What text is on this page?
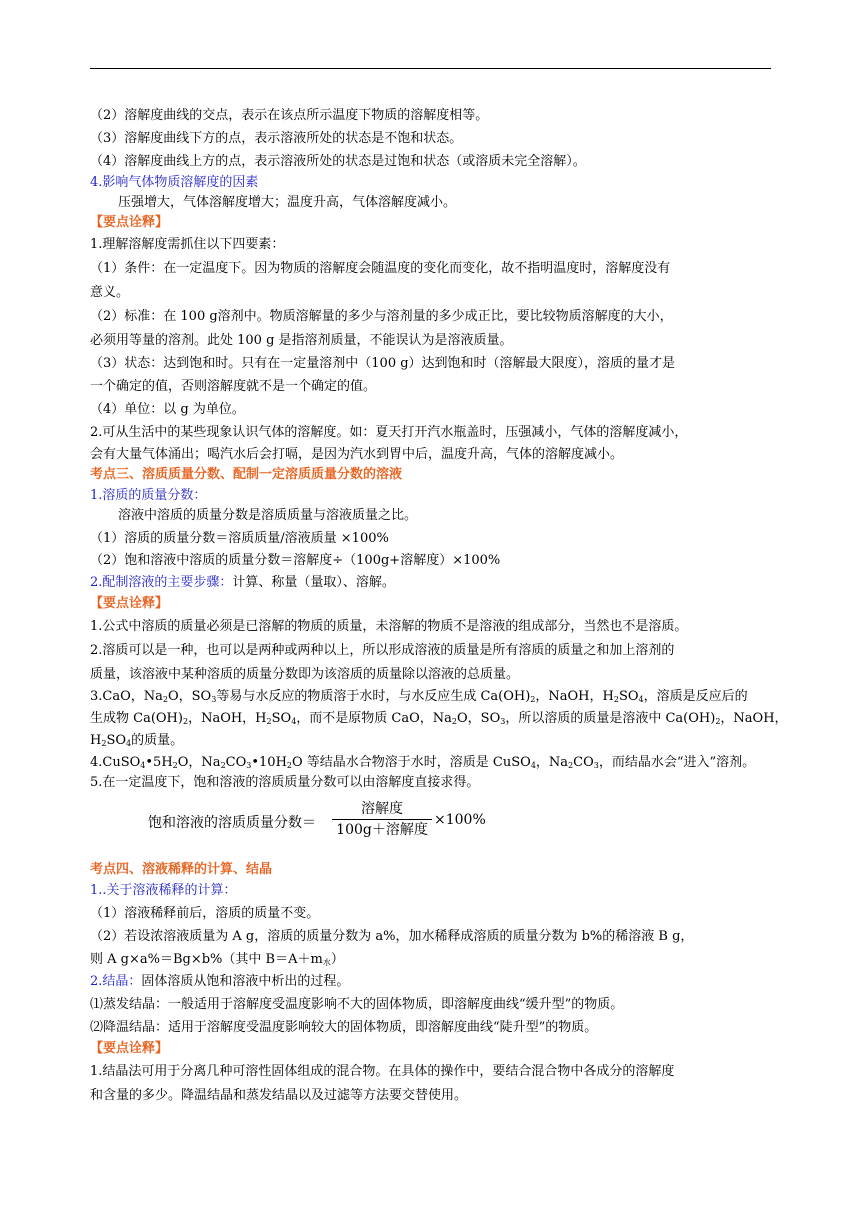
（2）溶解度曲线的交点，表示在该点所示温度下物质的溶解度相等。
（3）溶解度曲线下方的点，表示溶液所处的状态是不饱和状态。
（4）溶解度曲线上方的点，表示溶液所处的状态是过饱和状态（或溶质未完全溶解）。
4.影响气体物质溶解度的因素
压强增大，气体溶解度增大；温度升高，气体溶解度减小。
【要点诠释】
1.理解溶解度需抓住以下四要素：
（1）条件：在一定温度下。因为物质的溶解度会随温度的变化而变化，故不指明温度时，溶解度没有
意义。
（2）标准：在 100 g溶剂中。物质溶解量的多少与溶剂量的多少成正比，要比较物质溶解度的大小，
必须用等量的溶剂。此处 100 g 是指溶剂质量，不能误认为是溶液质量。
（3）状态：达到饱和时。只有在一定量溶剂中（100 g）达到饱和时（溶解最大限度），溶质的量才是
一个确定的值，否则溶解度就不是一个确定的值。
（4）单位：以 g 为单位。
2.可从生活中的某些现象认识气体的溶解度。如：夏天打开汽水瓶盖时，压强减小，气体的溶解度减小，
会有大量气体涌出；喝汽水后会打嗝，是因为汽水到胃中后，温度升高，气体的溶解度减小。
考点三、溶质质量分数、配制一定溶质质量分数的溶液
1.溶质的质量分数：
溶液中溶质的质量分数是溶质质量与溶液质量之比。
（1）溶质的质量分数＝溶质质量/溶液质量 ×100%
（2）饱和溶液中溶质的质量分数＝溶解度÷（100g+溶解度）×100%
2.配制溶液的主要步骤：计算、称量（量取）、溶解。
【要点诠释】
1.公式中溶质的质量必须是已溶解的物质的质量，未溶解的物质不是溶液的组成部分，当然也不是溶质。
2.溶质可以是一种，也可以是两种或两种以上，所以形成溶液的质量是所有溶质的质量之和加上溶剂的
质量，该溶液中某种溶质的质量分数即为该溶质的质量除以溶液的总质量。
3.CaO，$Na_2O$，$SO_3$等易与水反应的物质溶于水时，与水反应生成 $Ca(OH)_2$，NaOH，$H_2SO_4$，溶质是反应后的
生成物 $Ca(OH)_2$，NaOH，$H_2SO_4$，而不是原物质 CaO，$Na_2O$，$SO_3$，所以溶质的质量是溶液中 $Ca(OH)_2$，NaOH，
$H_2SO_4$的质量。
$4.CuSO_4•5H_2O$，$Na_2CO_3•10H_2O$ 等结晶水合物溶于水时，溶质是 CuSO$_4$，$Na_2CO_3$，而结晶水会“进入”溶剂。
5.在一定温度下，饱和溶液的溶质质量分数可以由溶解度直接求得。
饱和溶液的溶质质量分数＝
溶解度
100g＋溶解度
×100%
考点四、溶液稀释的计算、结晶
1..关于溶液稀释的计算：
（1）溶液稀释前后，溶质的质量不变。
（2）若设浓溶液质量为 A g，溶质的质量分数为 a%，加水稀释成溶质的质量分数为 b%的稀溶液 B g，
则 A g×a%＝Bg×b%（其中 $B=A+m_水$）
2.结晶：固体溶质从饱和溶液中析出的过程。
⑴蒸发结晶：一般适用于溶解度受温度影响不大的固体物质，即溶解度曲线“缓升型”的物质。
⑵降温结晶：适用于溶解度受温度影响较大的固体物质，即溶解度曲线“陡升型”的物质。
【要点诠释】
1.结晶法可用于分离几种可溶性固体组成的混合物。在具体的操作中，要结合混合物中各成分的溶解度
和含量的多少。降温结晶和蒸发结晶以及过滤等方法要交替使用。
